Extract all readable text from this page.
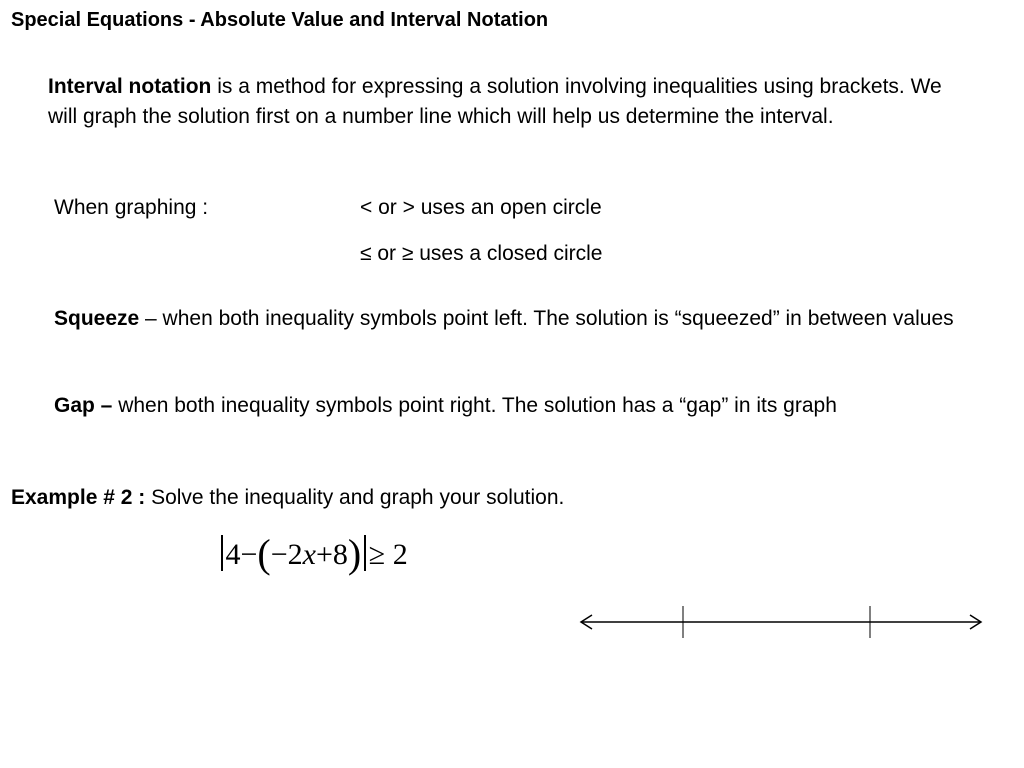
Special Equations - Absolute Value and Interval Notation
Interval notation is a method for expressing a solution involving inequalities using brackets. We will graph the solution first on a number line which will help us determine the interval.
When graphing :	< or > uses an open circle
≤ or ≥ uses a closed circle
Squeeze – when both inequality symbols point left. The solution is “squeezed” in between values
Gap – when both inequality symbols point right. The solution has a “gap” in its graph
Example # 2 : Solve the inequality and graph your solution.
4−(−2x+8) ≥ 2
